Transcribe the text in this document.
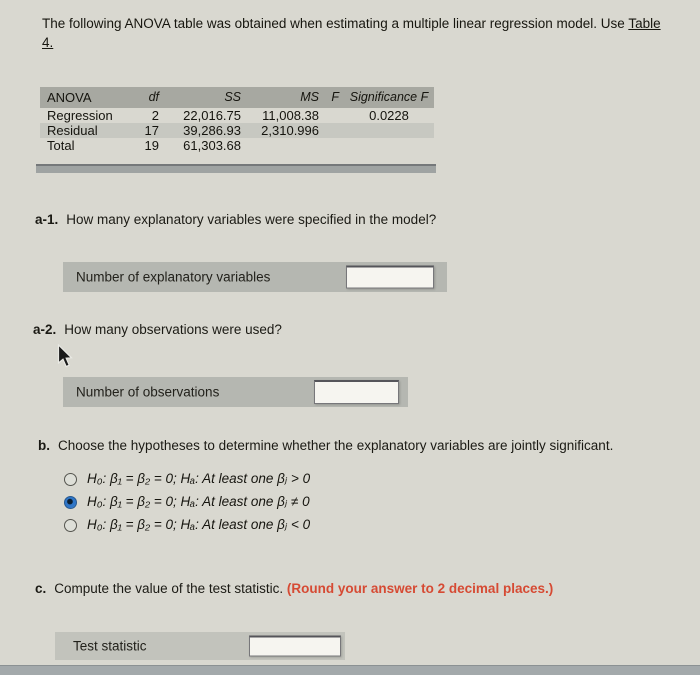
The following ANOVA table was obtained when estimating a multiple linear regression model. Use Table
4.
ANOVA	df	SS	MS	F	Significance F
Regression	2	22,016.75	11,008.38		0.0228
Residual	17	39,286.93	2,310.996		
Total	19	61,303.68			
a-1. How many explanatory variables were specified in the model?
Number of explanatory variables
a-2. How many observations were used?
Number of observations
b. Choose the hypotheses to determine whether the explanatory variables are jointly significant.
H₀: β₁ = β₂ = 0; Hₐ: At least one βⱼ > 0
H₀: β₁ = β₂ = 0; Hₐ: At least one βⱼ ≠ 0
H₀: β₁ = β₂ = 0; Hₐ: At least one βⱼ < 0
c. Compute the value of the test statistic. (Round your answer to 2 decimal places.)
Test statistic
